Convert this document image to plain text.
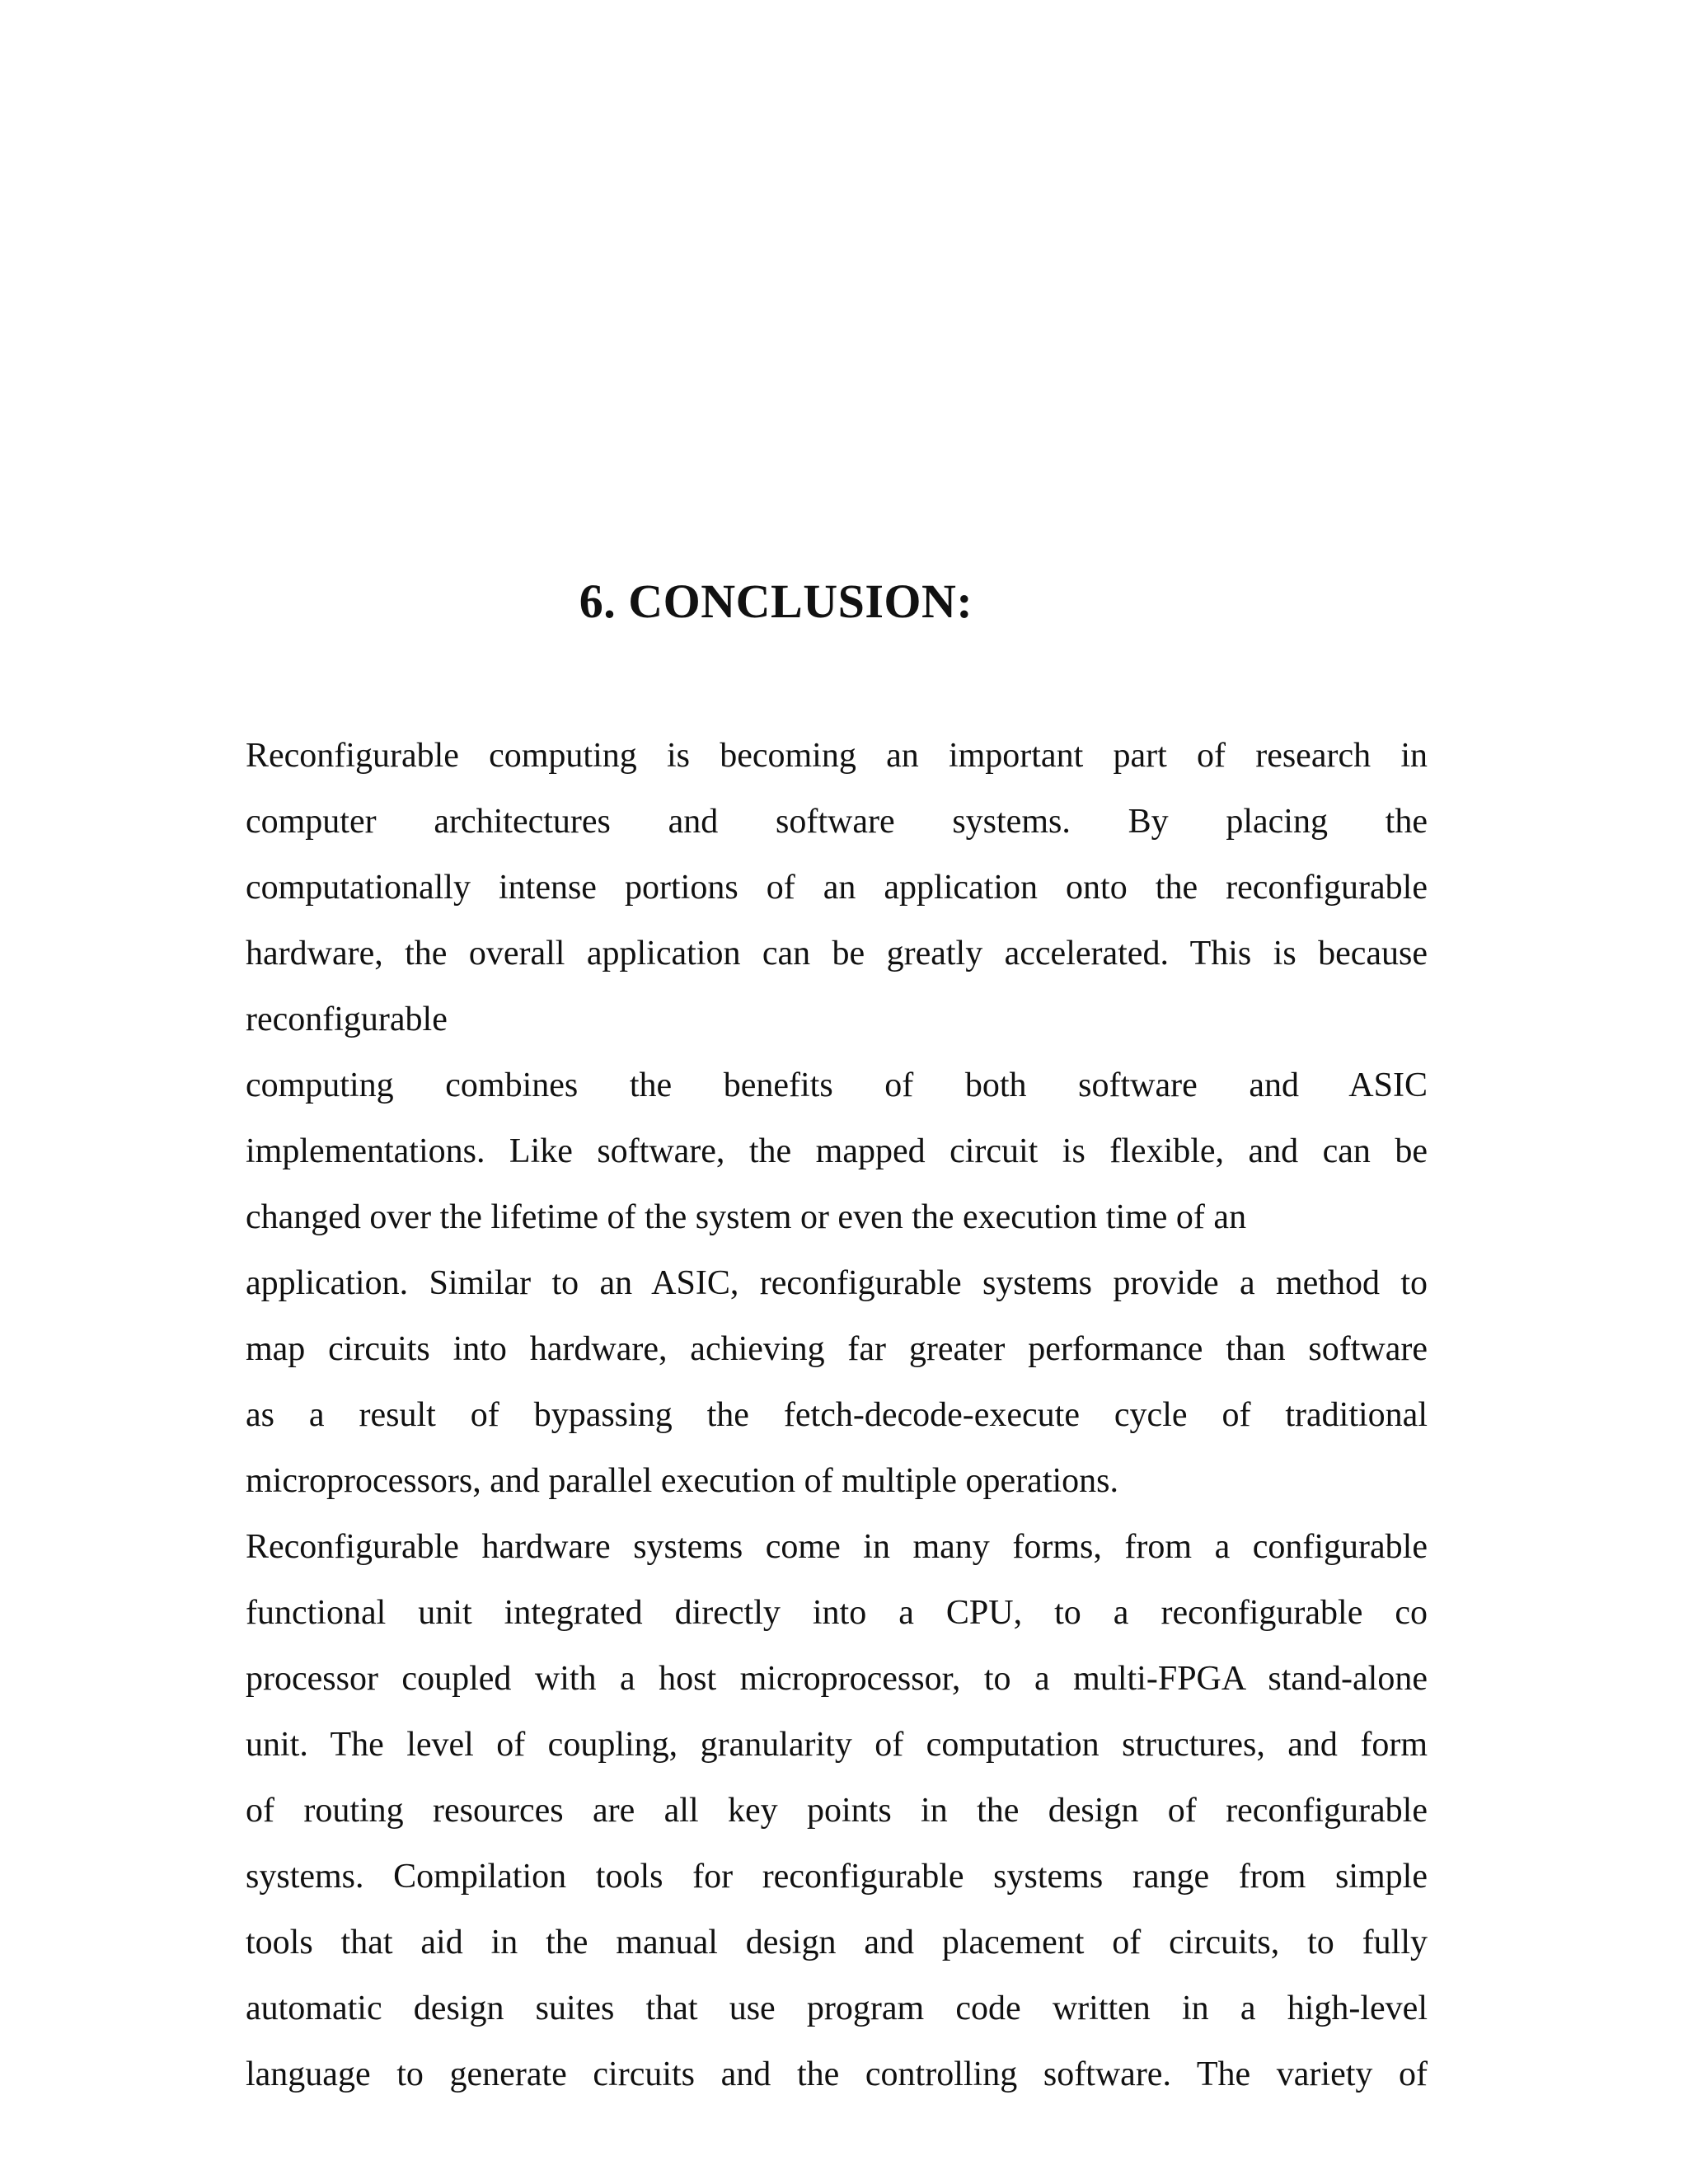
6. CONCLUSION:
Reconfigurable computing is becoming an important part of research in
computer architectures and software systems. By placing the
computationally intense portions of an application onto the reconfigurable
hardware, the overall application can be greatly accelerated. This is because
reconfigurable
computing combines the benefits of both software and ASIC
implementations. Like software, the mapped circuit is flexible, and can be
changed over the lifetime of the system or even the execution time of an
application. Similar to an ASIC, reconfigurable systems provide a method to
map circuits into hardware, achieving far greater performance than software
as a result of bypassing the fetch-decode-execute cycle of traditional
microprocessors, and parallel execution of multiple operations.
Reconfigurable hardware systems come in many forms, from a configurable
functional unit integrated directly into a CPU, to a reconfigurable co
processor coupled with a host microprocessor, to a multi-FPGA stand-alone
unit. The level of coupling, granularity of computation structures, and form
of routing resources are all key points in the design of reconfigurable
systems. Compilation tools for reconfigurable systems range from simple
tools that aid in the manual design and placement of circuits, to fully
automatic design suites that use program code written in a high-level
language to generate circuits and the controlling software. The variety of
